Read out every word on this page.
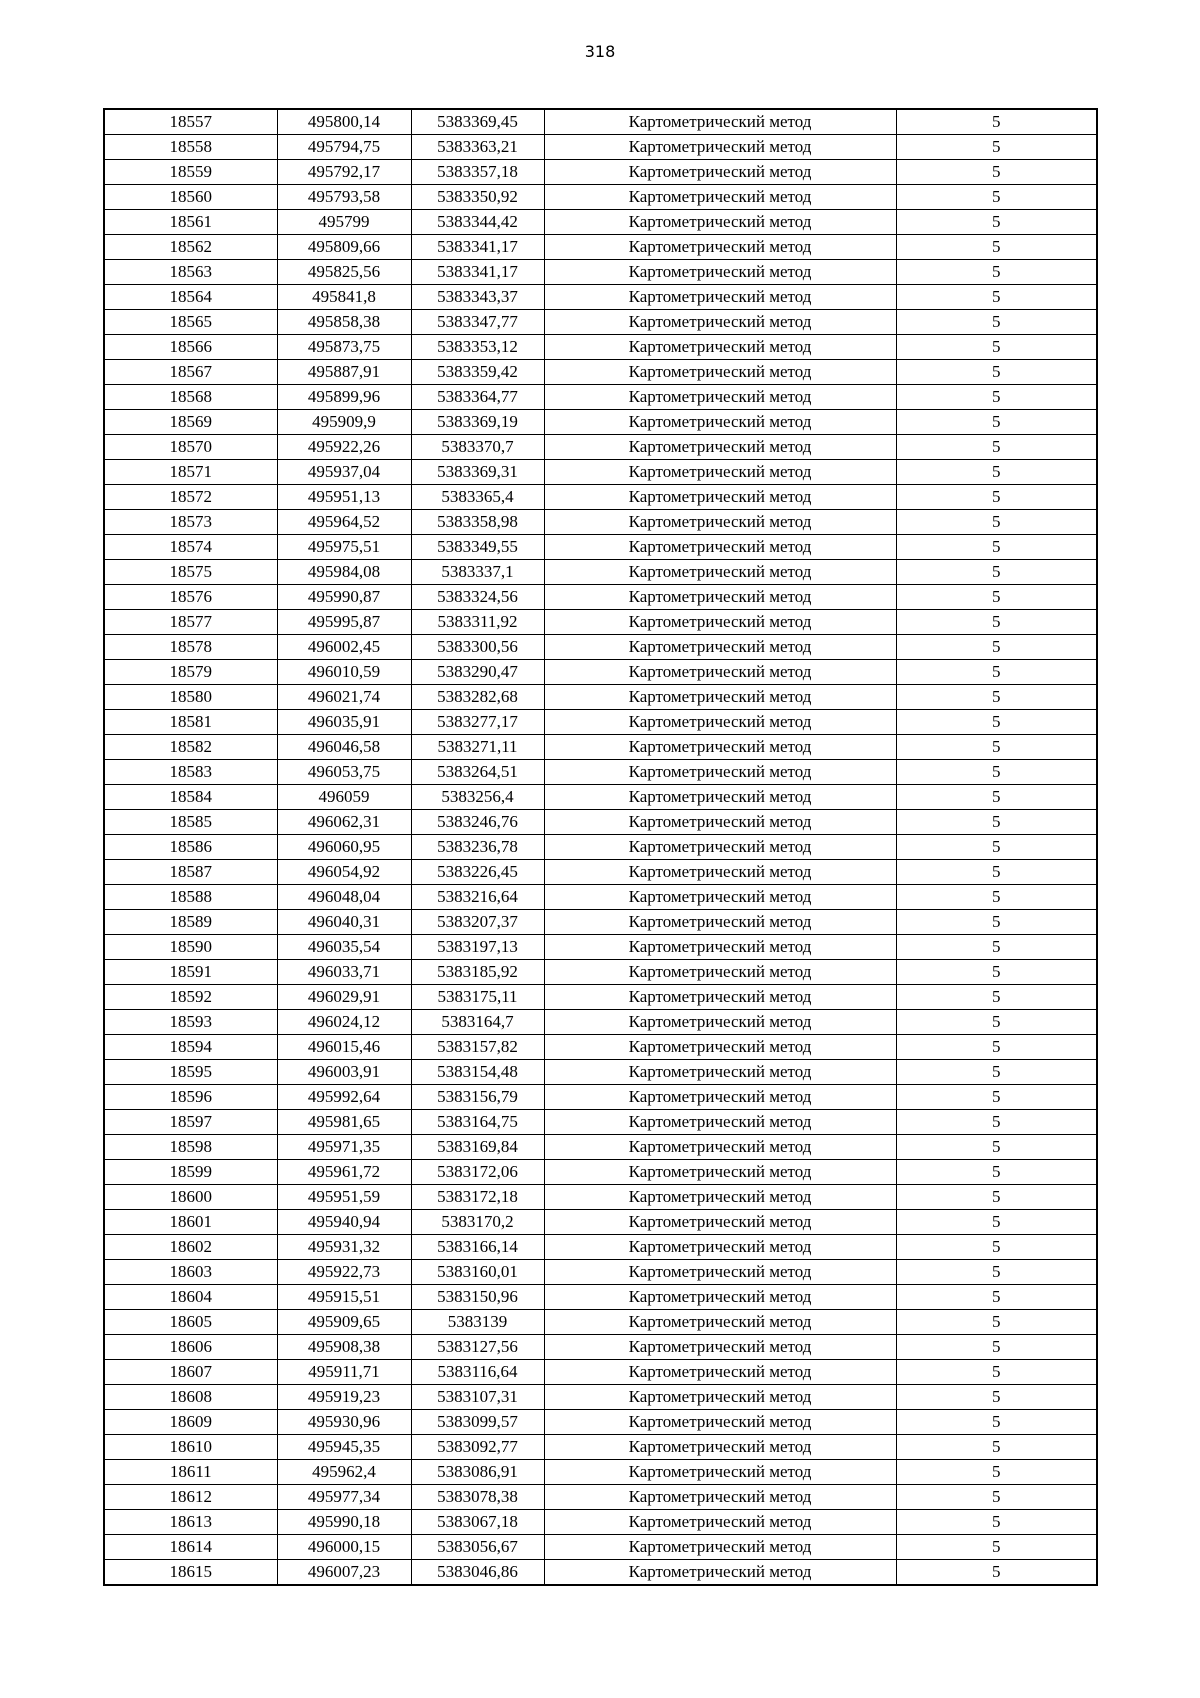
318
18557	495800,14	5383369,45	Картометрический метод	5
18558	495794,75	5383363,21	Картометрический метод	5
18559	495792,17	5383357,18	Картометрический метод	5
18560	495793,58	5383350,92	Картометрический метод	5
18561	495799	5383344,42	Картометрический метод	5
18562	495809,66	5383341,17	Картометрический метод	5
18563	495825,56	5383341,17	Картометрический метод	5
18564	495841,8	5383343,37	Картометрический метод	5
18565	495858,38	5383347,77	Картометрический метод	5
18566	495873,75	5383353,12	Картометрический метод	5
18567	495887,91	5383359,42	Картометрический метод	5
18568	495899,96	5383364,77	Картометрический метод	5
18569	495909,9	5383369,19	Картометрический метод	5
18570	495922,26	5383370,7	Картометрический метод	5
18571	495937,04	5383369,31	Картометрический метод	5
18572	495951,13	5383365,4	Картометрический метод	5
18573	495964,52	5383358,98	Картометрический метод	5
18574	495975,51	5383349,55	Картометрический метод	5
18575	495984,08	5383337,1	Картометрический метод	5
18576	495990,87	5383324,56	Картометрический метод	5
18577	495995,87	5383311,92	Картометрический метод	5
18578	496002,45	5383300,56	Картометрический метод	5
18579	496010,59	5383290,47	Картометрический метод	5
18580	496021,74	5383282,68	Картометрический метод	5
18581	496035,91	5383277,17	Картометрический метод	5
18582	496046,58	5383271,11	Картометрический метод	5
18583	496053,75	5383264,51	Картометрический метод	5
18584	496059	5383256,4	Картометрический метод	5
18585	496062,31	5383246,76	Картометрический метод	5
18586	496060,95	5383236,78	Картометрический метод	5
18587	496054,92	5383226,45	Картометрический метод	5
18588	496048,04	5383216,64	Картометрический метод	5
18589	496040,31	5383207,37	Картометрический метод	5
18590	496035,54	5383197,13	Картометрический метод	5
18591	496033,71	5383185,92	Картометрический метод	5
18592	496029,91	5383175,11	Картометрический метод	5
18593	496024,12	5383164,7	Картометрический метод	5
18594	496015,46	5383157,82	Картометрический метод	5
18595	496003,91	5383154,48	Картометрический метод	5
18596	495992,64	5383156,79	Картометрический метод	5
18597	495981,65	5383164,75	Картометрический метод	5
18598	495971,35	5383169,84	Картометрический метод	5
18599	495961,72	5383172,06	Картометрический метод	5
18600	495951,59	5383172,18	Картометрический метод	5
18601	495940,94	5383170,2	Картометрический метод	5
18602	495931,32	5383166,14	Картометрический метод	5
18603	495922,73	5383160,01	Картометрический метод	5
18604	495915,51	5383150,96	Картометрический метод	5
18605	495909,65	5383139	Картометрический метод	5
18606	495908,38	5383127,56	Картометрический метод	5
18607	495911,71	5383116,64	Картометрический метод	5
18608	495919,23	5383107,31	Картометрический метод	5
18609	495930,96	5383099,57	Картометрический метод	5
18610	495945,35	5383092,77	Картометрический метод	5
18611	495962,4	5383086,91	Картометрический метод	5
18612	495977,34	5383078,38	Картометрический метод	5
18613	495990,18	5383067,18	Картометрический метод	5
18614	496000,15	5383056,67	Картометрический метод	5
18615	496007,23	5383046,86	Картометрический метод	5
